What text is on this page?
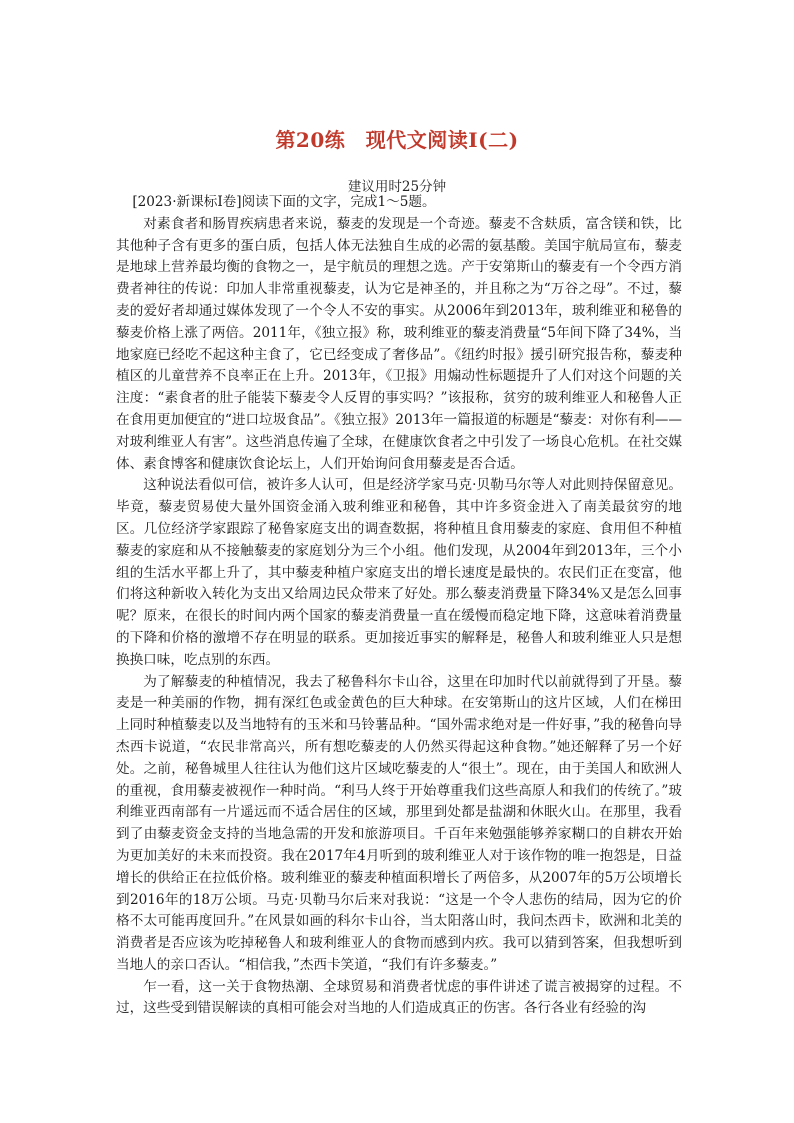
第20练　现代文阅读Ⅰ(二)
建议用时25分钟

[2023·新课标Ⅰ卷]阅读下面的文字，完成1～5题。

对素食者和肠胃疾病患者来说，藜麦的发现是一个奇迹。藜麦不含麸质，富含镁和铁，比其他种子含有更多的蛋白质，包括人体无法独自生成的必需的氨基酸。美国宇航局宣布，藜麦是地球上营养最均衡的食物之一，是宇航员的理想之选。产于安第斯山的藜麦有一个令西方消费者神往的传说：印加人非常重视藜麦，认为它是神圣的，并且称之为“万谷之母”。不过，藜麦的爱好者却通过媒体发现了一个令人不安的事实。从2006年到2013年，玻利维亚和秘鲁的藜麦价格上涨了两倍。2011年，《独立报》称，玻利维亚的藜麦消费量“5年间下降了34%，当地家庭已经吃不起这种主食了，它已经变成了奢侈品”。《纽约时报》援引研究报告称，藜麦种植区的儿童营养不良率正在上升。2013年，《卫报》用煽动性标题提升了人们对这个问题的关注度：“素食者的肚子能装下藜麦令人反胃的事实吗？”该报称，贫穷的玻利维亚人和秘鲁人正在食用更加便宜的“进口垃圾食品”。《独立报》2013年一篇报道的标题是“藜麦：对你有利——对玻利维亚人有害”。这些消息传遍了全球，在健康饮食者之中引发了一场良心危机。在社交媒体、素食博客和健康饮食论坛上，人们开始询问食用藜麦是否合适。

这种说法看似可信，被许多人认可，但是经济学家马克·贝勒马尔等人对此则持保留意见。毕竟，藜麦贸易使大量外国资金涌入玻利维亚和秘鲁，其中许多资金进入了南美最贫穷的地区。几位经济学家跟踪了秘鲁家庭支出的调查数据，将种植且食用藜麦的家庭、食用但不种植藜麦的家庭和从不接触藜麦的家庭划分为三个小组。他们发现，从2004年到2013年，三个小组的生活水平都上升了，其中藜麦种植户家庭支出的增长速度是最快的。农民们正在变富，他们将这种新收入转化为支出又给周边民众带来了好处。那么藜麦消费量下降34%又是怎么回事呢？原来，在很长的时间内两个国家的藜麦消费量一直在缓慢而稳定地下降，这意味着消费量的下降和价格的激增不存在明显的联系。更加接近事实的解释是，秘鲁人和玻利维亚人只是想换换口味，吃点别的东西。

为了解藜麦的种植情况，我去了秘鲁科尔卡山谷，这里在印加时代以前就得到了开垦。藜麦是一种美丽的作物，拥有深红色或金黄色的巨大种球。在安第斯山的这片区域，人们在梯田上同时种植藜麦以及当地特有的玉米和马铃薯品种。“国外需求绝对是一件好事，”我的秘鲁向导杰西卡说道，“农民非常高兴，所有想吃藜麦的人仍然买得起这种食物。”她还解释了另一个好处。之前，秘鲁城里人往往认为他们这片区域吃藜麦的人“很土”。现在，由于美国人和欧洲人的重视，食用藜麦被视作一种时尚。“利马人终于开始尊重我们这些高原人和我们的传统了。”玻利维亚西南部有一片遥远而不适合居住的区域，那里到处都是盐湖和休眠火山。在那里，我看到了由藜麦资金支持的当地急需的开发和旅游项目。千百年来勉强能够养家糊口的自耕农开始为更加美好的未来而投资。我在2017年4月听到的玻利维亚人对于该作物的唯一抱怨是，日益增长的供给正在拉低价格。玻利维亚的藜麦种植面积增长了两倍多，从2007年的5万公顷增长到2016年的18万公顷。马克·贝勒马尔后来对我说：“这是一个令人悲伤的结局，因为它的价格不太可能再度回升。”在风景如画的科尔卡山谷，当太阳落山时，我问杰西卡，欧洲和北美的消费者是否应该为吃掉秘鲁人和玻利维亚人的食物而感到内疚。我可以猜到答案，但我想听到当地人的亲口否认。“相信我，”杰西卡笑道，“我们有许多藜麦。”

乍一看，这一关于食物热潮、全球贸易和消费者忧虑的事件讲述了谎言被揭穿的过程。不过，这些受到错误解读的真相可能会对当地的人们造成真正的伤害。各行各业有经验的沟
